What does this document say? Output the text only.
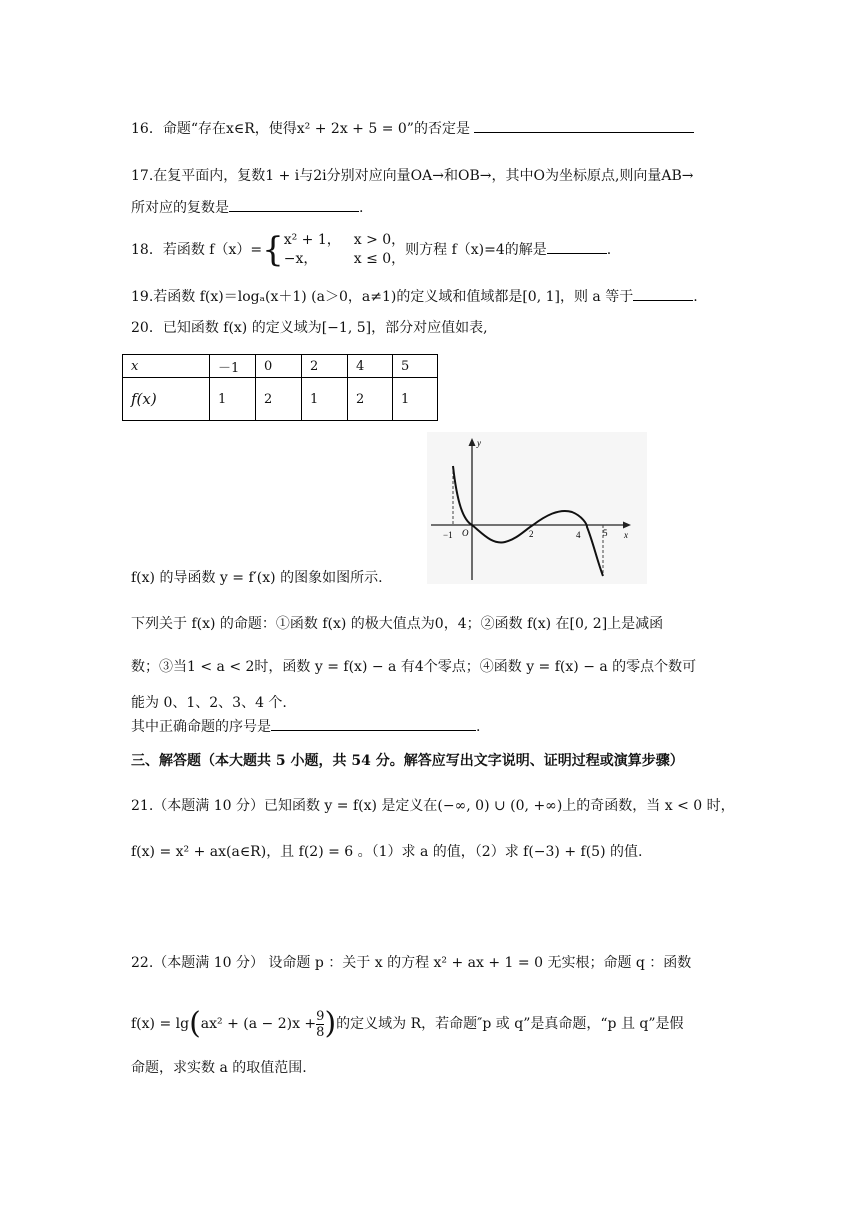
16．命题“存在x∈R，使得x² + 2x + 5 = 0”的否定是
17.在复平面内，复数1 + i与2i分别对应向量OA→和OB→，其中O为坐标原点,则向量AB→
所对应的复数是	.
18．若函数 f（x）={ x² + 1， x > 0，
−x，	x ≤ 0，
则方程 f（x)=4的解是	.
19.若函数 f(x)＝logₐ(x＋1) (a＞0，a≠1)的定义域和值域都是[0, 1]，则 a 等于	.
20．已知函数 f(x) 的定义域为[−1, 5]，部分对应值如表,
x	－1	0	2	4	5
f(x)	1	2	1	2	1
y
x
O
−1	2	4	5
f(x) 的导函数 y = f′(x) 的图象如图所示.
下列关于 f(x) 的命题：①函数 f(x) 的极大值点为0，4；②函数 f(x) 在[0, 2]上是减函
数；③当1 < a < 2时，函数 y = f(x) − a 有4个零点；④函数 y = f(x) − a 的零点个数可
能为 0、1、2、3、4 个.
其中正确命题的序号是	.
三、解答题（本大题共 5 小题，共 54 分。解答应写出文字说明、证明过程或演算步骤）
21.（本题满 10 分）已知函数 y = f(x) 是定义在(−∞, 0) ∪ (0, +∞)上的奇函数，当 x < 0 时，
f(x) = x² + ax(a∈R)，且 f(2) = 6 。（1）求 a 的值，（2）求 f(−3) + f(5) 的值.
22.（本题满 10 分） 设命题 p ：关于 x 的方程 x² + ax + 1 = 0 无实根；命题 q ：函数
$f(x) = \lg(ax^2 + (a - 2)x + \frac{9}{8}$ )的定义域为 R，若命题″p 或 q”是真命题，“p 且 q”是假
命题，求实数 a 的取值范围.
